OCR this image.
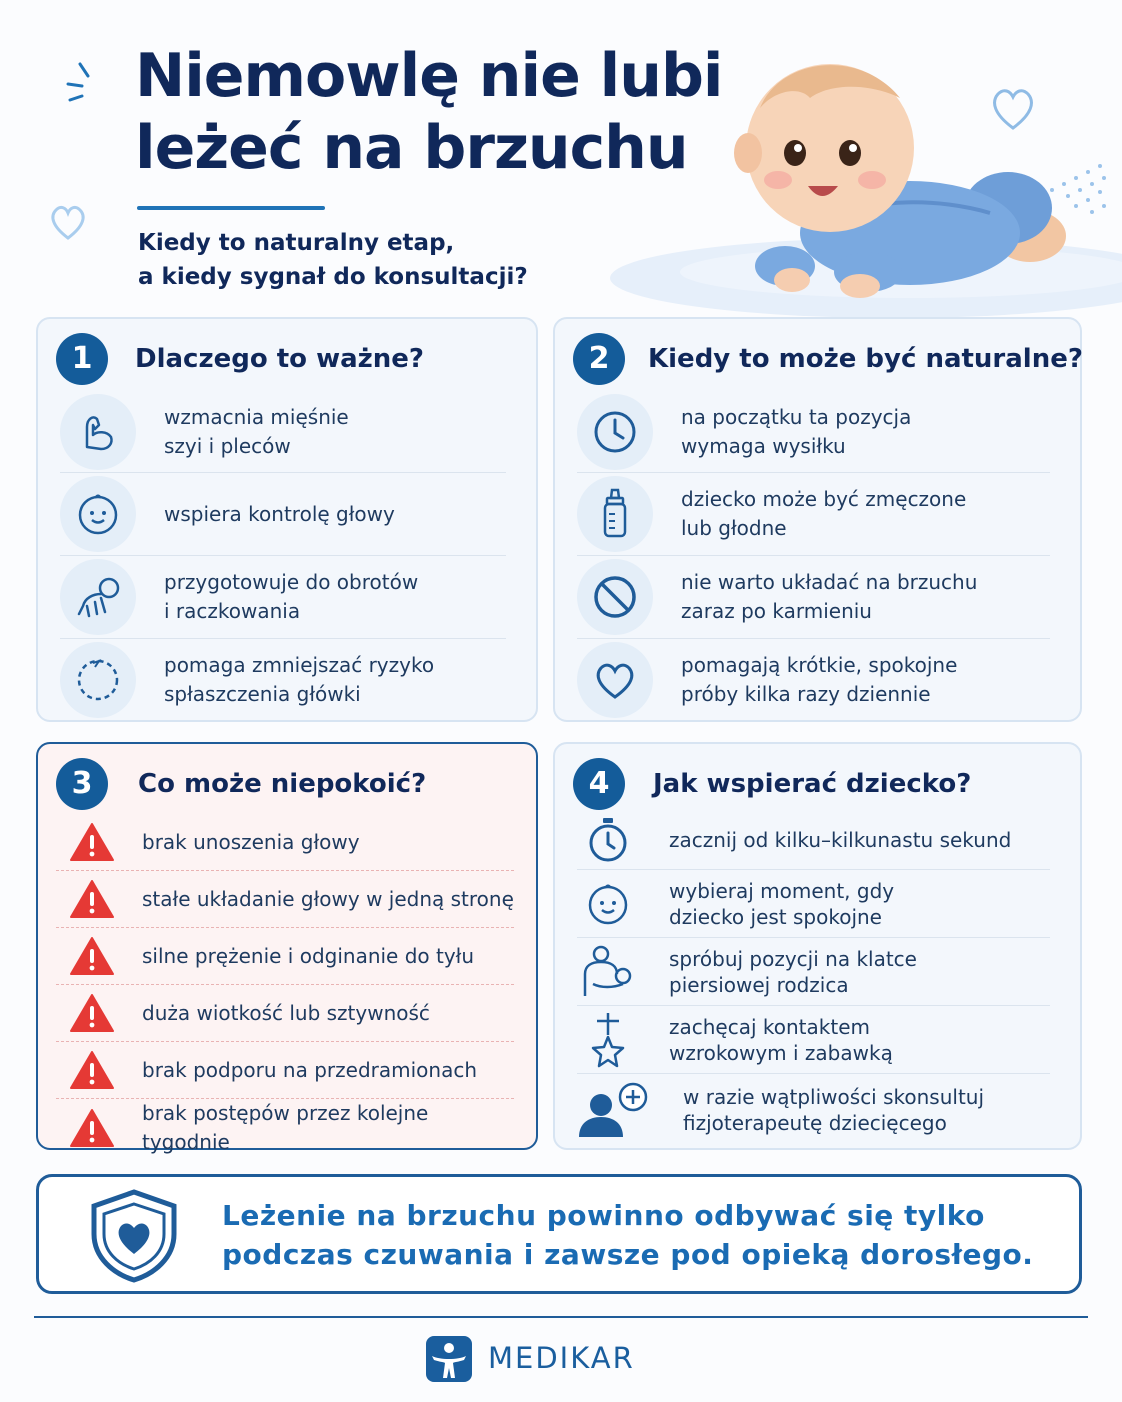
Niemowlę nie lubi
leżeć na brzuchu
Kiedy to naturalny etap,
a kiedy sygnał do konsultacji?
1	Dlaczego to ważne?
wzmacnia mięśnie
szyi i pleców
wspiera kontrolę głowy
przygotowuje do obrotów
i raczkowania
pomaga zmniejszać ryzyko
spłaszczenia główki
2	Kiedy to może być naturalne?
na początku ta pozycja
wymaga wysiłku
dziecko może być zmęczone
lub głodne
nie warto układać na brzuchu
zaraz po karmieniu
pomagają krótkie, spokojne
próby kilka razy dziennie
3	Co może niepokoić?
brak unoszenia głowy
stałe układanie głowy w jedną stronę
silne prężenie i odginanie do tyłu
duża wiotkość lub sztywność
brak podporu na przedramionach
brak postępów przez kolejne tygodnie
4	Jak wspierać dziecko?
zacznij od kilku–kilkunastu sekund
wybieraj moment, gdy
dziecko jest spokojne
spróbuj pozycji na klatce
piersiowej rodzica
zachęcaj kontaktem
wzrokowym i zabawką
w razie wątpliwości skonsultuj
fizjoterapeutę dziecięcego
Leżenie na brzuchu powinno odbywać się tylko
podczas czuwania i zawsze pod opieką dorosłego.
MEDIKAR
